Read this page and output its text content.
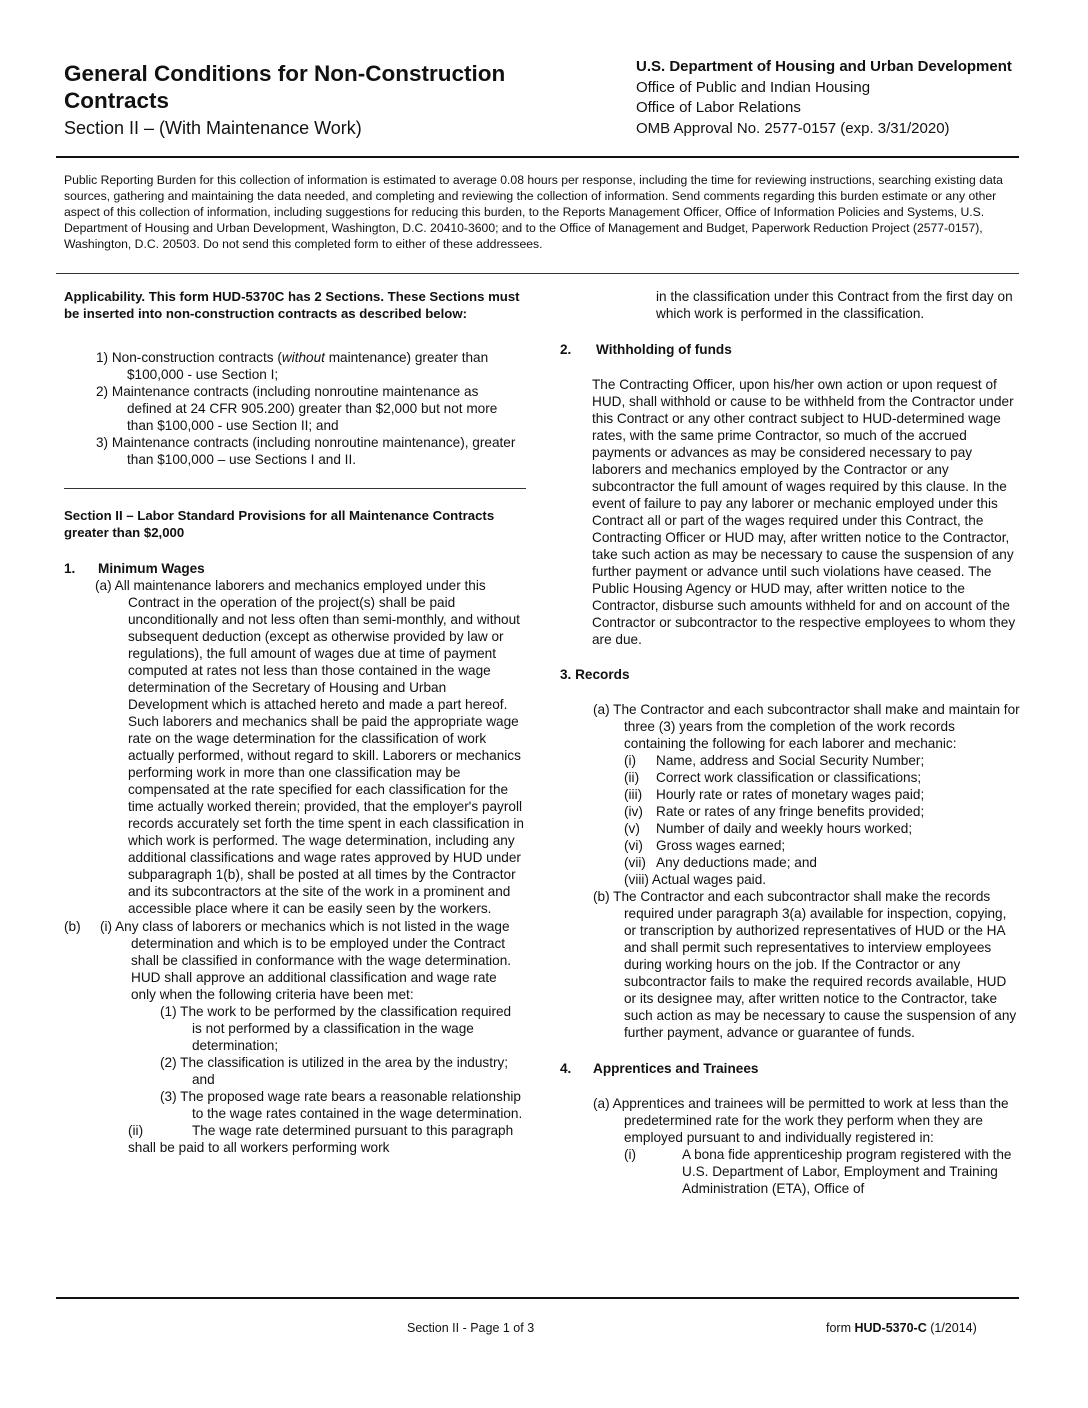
General Conditions for Non-Construction Contracts
Section II – (With Maintenance Work)
U.S. Department of Housing and Urban Development
Office of Public and Indian Housing
Office of Labor Relations
OMB Approval No. 2577-0157 (exp. 3/31/2020)
Public Reporting Burden for this collection of information is estimated to average 0.08 hours per response, including the time for reviewing instructions, searching existing data sources, gathering and maintaining the data needed, and completing and reviewing the collection of information. Send comments regarding this burden estimate or any other aspect of this collection of information, including suggestions for reducing this burden, to the Reports Management Officer, Office of Information Policies and Systems, U.S. Department of Housing and Urban Development, Washington, D.C. 20410-3600; and to the Office of Management and Budget, Paperwork Reduction Project (2577-0157), Washington, D.C. 20503. Do not send this completed form to either of these addressees.

Applicability. This form HUD-5370C has 2 Sections. These Sections must be inserted into non-construction contracts as described below:

1) Non-construction contracts (without maintenance) greater than $100,000 - use Section I;

2) Maintenance contracts (including nonroutine maintenance as defined at 24 CFR 905.200) greater than $2,000 but not more than $100,000 - use Section II; and

3) Maintenance contracts (including nonroutine maintenance), greater than $100,000 – use Sections I and II.

Section II – Labor Standard Provisions for all Maintenance Contracts greater than $2,000

1. Minimum Wages

(a) All maintenance laborers and mechanics employed under this Contract in the operation of the project(s) shall be paid unconditionally and not less often than semi-monthly, and without subsequent deduction (except as otherwise provided by law or regulations), the full amount of wages due at time of payment computed at rates not less than those contained in the wage determination of the Secretary of Housing and Urban Development which is attached hereto and made a part hereof. Such laborers and mechanics shall be paid the appropriate wage rate on the wage determination for the classification of work actually performed, without regard to skill. Laborers or mechanics performing work in more than one classification may be compensated at the rate specified for each classification for the time actually worked therein; provided, that the employer's payroll records accurately set forth the time spent in each classification in which work is performed. The wage determination, including any additional classifications and wage rates approved by HUD under subparagraph 1(b), shall be posted at all times by the Contractor and its subcontractors at the site of the work in a prominent and accessible place where it can be easily seen by the workers.

(b)	(i) Any class of laborers or mechanics which is not listed in the wage determination and which is to be employed under the Contract shall be classified in conformance with the wage determination. HUD shall approve an additional classification and wage rate only when the following criteria have been met:

(1) The work to be performed by the classification required is not performed by a classification in the wage determination;

(2) The classification is utilized in the area by the industry; and

(3) The proposed wage rate bears a reasonable relationship to the wage rates contained in the wage determination.

(ii)	The wage rate determined pursuant to this paragraph shall be paid to all workers performing work

in the classification under this Contract from the first day on which work is performed in the classification.

2. Withholding of funds

The Contracting Officer, upon his/her own action or upon request of HUD, shall withhold or cause to be withheld from the Contractor under this Contract or any other contract subject to HUD-determined wage rates, with the same prime Contractor, so much of the accrued payments or advances as may be considered necessary to pay laborers and mechanics employed by the Contractor or any subcontractor the full amount of wages required by this clause. In the event of failure to pay any laborer or mechanic employed under this Contract all or part of the wages required under this Contract, the Contracting Officer or HUD may, after written notice to the Contractor, take such action as may be necessary to cause the suspension of any further payment or advance until such violations have ceased. The Public Housing Agency or HUD may, after written notice to the Contractor, disburse such amounts withheld for and on account of the Contractor or subcontractor to the respective employees to whom they are due.

3. Records

(a) The Contractor and each subcontractor shall make and maintain for three (3) years from the completion of the work records containing the following for each laborer and mechanic:

(i)	Name, address and Social Security Number;
(ii)	Correct work classification or classifications;
(iii)	Hourly rate or rates of monetary wages paid;
(iv) Rate or rates of any fringe benefits provided;
(v)	Number of daily and weekly hours worked;
(vi) Gross wages earned;
(vii) Any deductions made; and
(viii) Actual wages paid.

(b) The Contractor and each subcontractor shall make the records required under paragraph 3(a) available for inspection, copying, or transcription by authorized representatives of HUD or the HA and shall permit such representatives to interview employees during working hours on the job. If the Contractor or any subcontractor fails to make the required records available, HUD or its designee may, after written notice to the Contractor, take such action as may be necessary to cause the suspension of any further payment, advance or guarantee of funds.

4. Apprentices and Trainees

(a) Apprentices and trainees will be permitted to work at less than the predetermined rate for the work they perform when they are employed pursuant to and individually registered in:

(i)	A bona fide apprenticeship program registered with the U.S. Department of Labor, Employment and Training Administration (ETA), Office of

Section II - Page 1 of 3	form HUD-5370-C (1/2014)
